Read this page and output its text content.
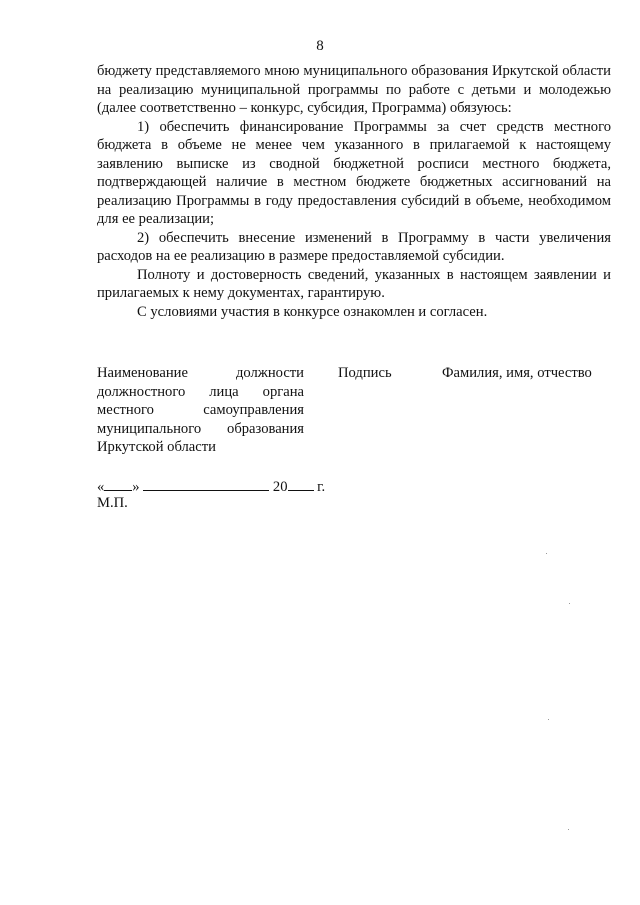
8

бюджету представляемого мною муниципального образования Иркутской области на реализацию муниципальной программы по работе с детьми и молодежью (далее соответственно – конкурс, субсидия, Программа) обязуюсь:

1) обеспечить финансирование Программы за счет средств местного бюджета в объеме не менее чем указанного в прилагаемой к настоящему заявлению выписке из сводной бюджетной росписи местного бюджета, подтверждающей наличие в местном бюджете бюджетных ассигнований на реализацию Программы в году предоставления субсидий в объеме, необходимом для ее реализации;

2) обеспечить внесение изменений в Программу в части увеличения расходов на ее реализацию в размере предоставляемой субсидии.

Полноту и достоверность сведений, указанных в настоящем заявлении и прилагаемых к нему документах, гарантирую.

С условиями участия в конкурсе ознакомлен и согласен.

Наименование должности должностного лица органа местного самоуправления муниципального образования Иркутской области

Подпись	Фамилия, имя, отчество
« »	20 г.
М.П.
